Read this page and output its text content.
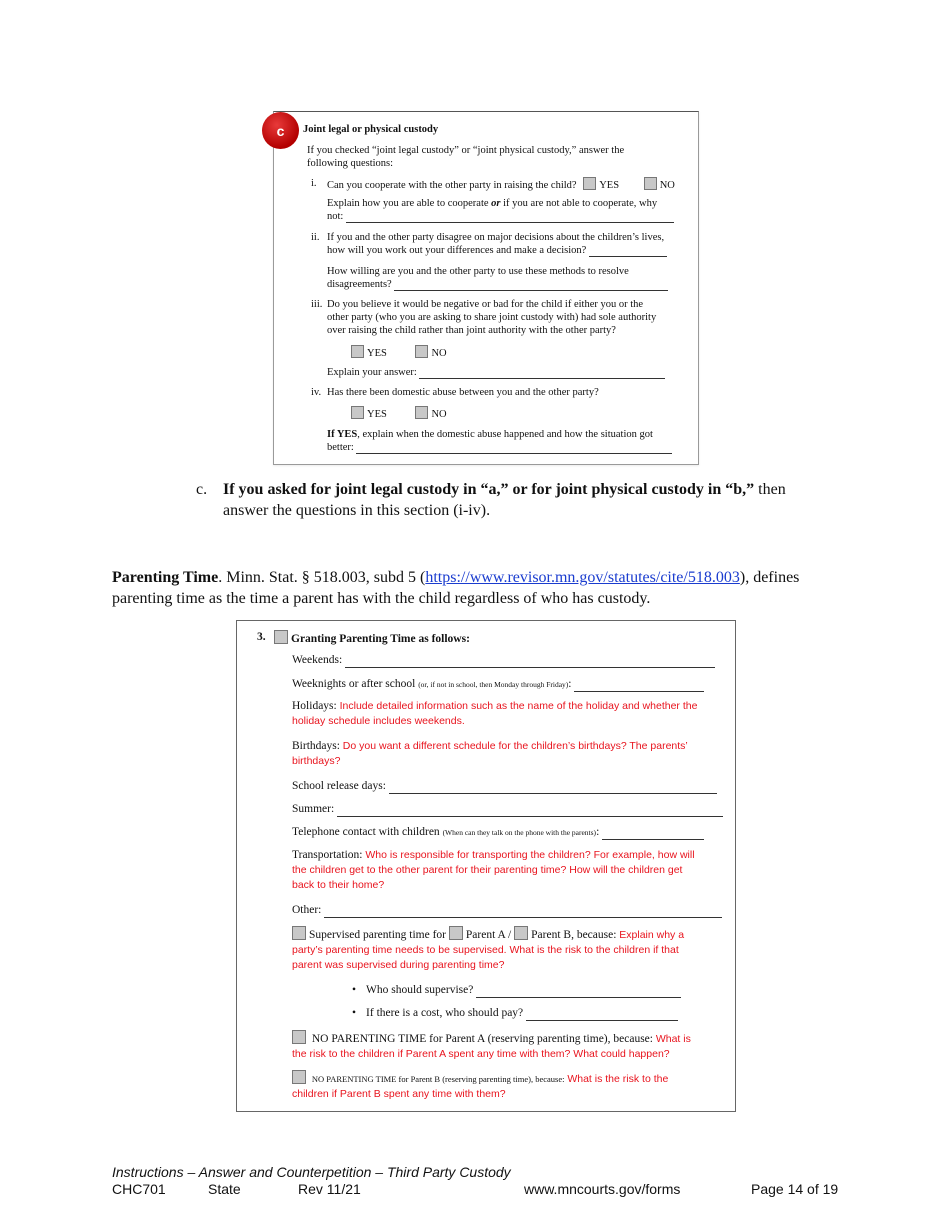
c	Joint legal or physical custody
If you checked “joint legal custody” or “joint physical custody,” answer the
following questions:
i. Can you cooperate with the other party in raising the child? YES	NO
Explain how you are able to cooperate or if you are not able to cooperate, why
not:
ii. If you and the other party disagree on major decisions about the children’s lives,
how will you work out your differences and make a decision?
How willing are you and the other party to use these methods to resolve
disagreements?
iii. Do you believe it would be negative or bad for the child if either you or the
other party (who you are asking to share joint custody with) had sole authority
over raising the child rather than joint authority with the other party?
YES	NO
Explain your answer:
iv. Has there been domestic abuse between you and the other party?
YES	NO
If YES, explain when the domestic abuse happened and how the situation got
better:
c. If you asked for joint legal custody in “a,” or for joint physical custody in “b,” then
answer the questions in this section (i-iv).
Parenting Time. Minn. Stat. § 518.003, subd 5 (https://www.revisor.mn.gov/statutes/cite/518.003), defines
parenting time as the time a parent has with the child regardless of who has custody.
3.	Granting Parenting Time as follows:
Weekends:
Weeknights or after school (or, if not in school, then Monday through Friday):
Holidays: Include detailed information such as the name of the holiday and whether the
holiday schedule includes weekends.
Birthdays: Do you want a different schedule for the children’s birthdays? The parents’
birthdays?
School release days:
Summer:
Telephone contact with children (When can they talk on the phone with the parents):
Transportation: Who is responsible for transporting the children? For example, how will
the children get to the other parent for their parenting time? How will the children get
back to their home?
Other:
Supervised parenting time for Parent A / Parent B, because: Explain why a
party’s parenting time needs to be supervised. What is the risk to the children if that
parent was supervised during parenting time?
• Who should supervise?
• If there is a cost, who should pay?
NO PARENTING TIME for Parent A (reserving parenting time), because: What is
the risk to the children if Parent A spent any time with them? What could happen?
NO PARENTING TIME for Parent B (reserving parenting time), because: What is the risk to the
children if Parent B spent any time with them?
Instructions – Answer and Counterpetition – Third Party Custody
CHC701	State	Rev 11/21	www.mncourts.gov/forms	Page 14 of 19
